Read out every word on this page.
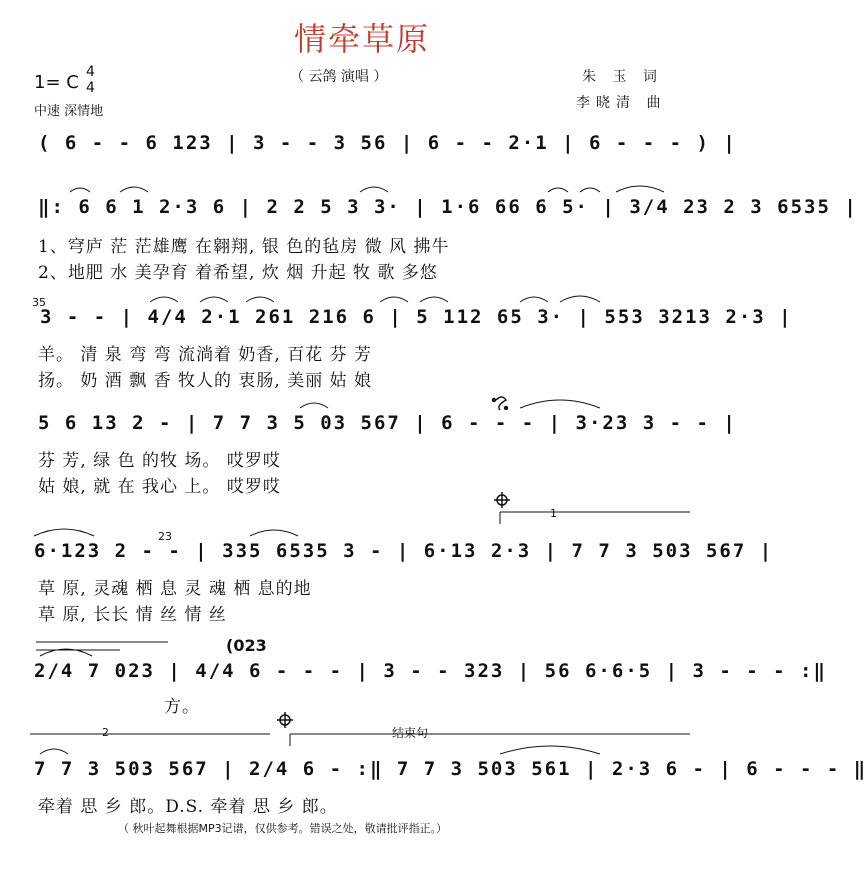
情牵草原
（ 云鸽 演唱 ）
1= C 4
4
中速 深情地
朱 玉 词
李晓清 曲
( 6 - - 6 123 | 3 - - 3 56 | 6 - - 2·1 | 6 - - - ) |
‖: 6 6 1 2·3 6 | 2 2 5 3 3· | 1·6 66 6 5· | 3/4 23 2 3 6535 |
1、穹庐 茫 茫雄鹰 在翱翔, 银 色的毡房 微 风 拂牛
2、地肥 水 美孕育 着希望, 炊 烟 升起 牧 歌 多悠
35
3 - - | 4/4 2·1 261 216 6 | 5 112 65 3· | 553 3213 2·3 |
羊。 清 泉 弯 弯 流淌着 奶香, 百花 芬 芳
扬。 奶 酒 飘 香 牧人的 衷肠, 美丽 姑 娘
5 6 13 2 - | 7 7 3 5 03 567 | 6 - - - | 3·23 3 - - |
芬 芳, 绿 色 的牧 场。 哎罗哎
姑 娘, 就 在 我心 上。 哎罗哎
1
23
6·123 2 - - | 335 6535 3 - | 6·13 2·3 | 7 7 3 503 567 |
草 原, 灵魂 栖 息 灵 魂 栖 息的地
草 原, 长长 情 丝 情 丝
(023
2/4 7 023 | 4/4 6 - - - | 3 - - 323 | 56 6·6·5 | 3 - - - :‖
方。
2	结束句
7 7 3 503 567 | 2/4 6 - :‖ 7 7 3 503 561 | 2·3 6 - | 6 - - - ‖
牵着 思 乡 郎。D.S. 牵着 思 乡 郎。
（ 秋叶起舞根据MP3记谱，仅供参考。错误之处，敬请批评指正。）
